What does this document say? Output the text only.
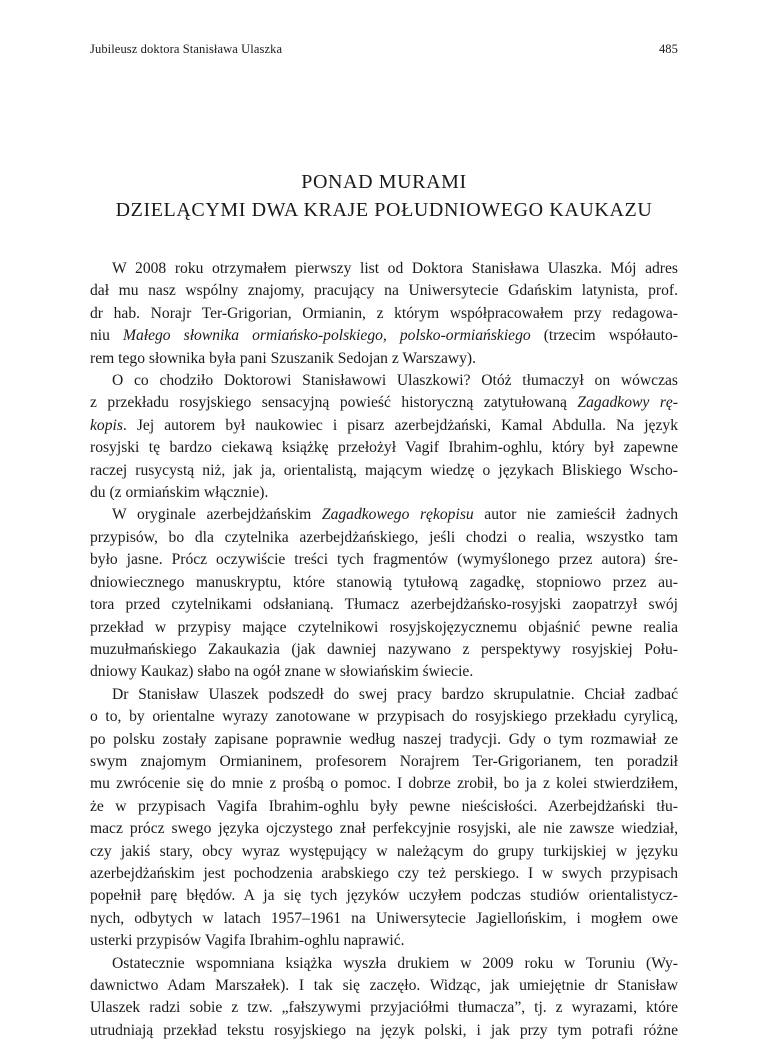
Jubileusz doktora Stanisława Ulaszka	485
PONAD MURAMI
DZIELĄCYMI DWA KRAJE POŁUDNIOWEGO KAUKAZU
W 2008 roku otrzymałem pierwszy list od Doktora Stanisława Ulaszka. Mój adres
dał mu nasz wspólny znajomy, pracujący na Uniwersytecie Gdańskim latynista, prof.
dr hab. Norajr Ter-Grigorian, Ormianin, z którym współpracowałem przy redagowa-
niu Małego słownika ormiańsko-polskiego, polsko-ormiańskiego (trzecim współauto-
rem tego słownika była pani Szuszanik Sedojan z Warszawy).
O co chodziło Doktorowi Stanisławowi Ulaszkowi? Otóż tłumaczył on wówczas
z przekładu rosyjskiego sensacyjną powieść historyczną zatytułowaną Zagadkowy rę-
kopis. Jej autorem był naukowiec i pisarz azerbejdżański, Kamal Abdulla. Na język
rosyjski tę bardzo ciekawą książkę przełożył Vagif Ibrahim-oghlu, który był zapewne
raczej rusycystą niż, jak ja, orientalistą, mającym wiedzę o językach Bliskiego Wscho-
du (z ormiańskim włącznie).
W oryginale azerbejdżańskim Zagadkowego rękopisu autor nie zamieścił żadnych
przypisów, bo dla czytelnika azerbejdżańskiego, jeśli chodzi o realia, wszystko tam
było jasne. Prócz oczywiście treści tych fragmentów (wymyślonego przez autora) śre-
dniowiecznego manuskryptu, które stanowią tytułową zagadkę, stopniowo przez au-
tora przed czytelnikami odsłanianą. Tłumacz azerbejdżańsko-rosyjski zaopatrzył swój
przekład w przypisy mające czytelnikowi rosyjskojęzycznemu objaśnić pewne realia
muzułmańskiego Zakaukazia (jak dawniej nazywano z perspektywy rosyjskiej Połu-
dniowy Kaukaz) słabo na ogół znane w słowiańskim świecie.
Dr Stanisław Ulaszek podszedł do swej pracy bardzo skrupulatnie. Chciał zadbać
o to, by orientalne wyrazy zanotowane w przypisach do rosyjskiego przekładu cyrylicą,
po polsku zostały zapisane poprawnie według naszej tradycji. Gdy o tym rozmawiał ze
swym znajomym Ormianinem, profesorem Norajrem Ter-Grigorianem, ten poradził
mu zwrócenie się do mnie z prośbą o pomoc. I dobrze zrobił, bo ja z kolei stwierdziłem,
że w przypisach Vagifa Ibrahim-oghlu były pewne nieścisłości. Azerbejdżański tłu-
macz prócz swego języka ojczystego znał perfekcyjnie rosyjski, ale nie zawsze wiedział,
czy jakiś stary, obcy wyraz występujący w należącym do grupy turkijskiej w języku
azerbejdżańskim jest pochodzenia arabskiego czy też perskiego. I w swych przypisach
popełnił parę błędów. A ja się tych języków uczyłem podczas studiów orientalistycz-
nych, odbytych w latach 1957–1961 na Uniwersytecie Jagiellońskim, i mogłem owe
usterki przypisów Vagifa Ibrahim-oghlu naprawić.
Ostatecznie wspomniana książka wyszła drukiem w 2009 roku w Toruniu (Wy-
dawnictwo Adam Marszałek). I tak się zaczęło. Widząc, jak umiejętnie dr Stanisław
Ulaszek radzi sobie z tzw. „fałszywymi przyjaciółmi tłumacza”, tj. z wyrazami, które
utrudniają przekład tekstu rosyjskiego na język polski, i jak przy tym potrafi różne
